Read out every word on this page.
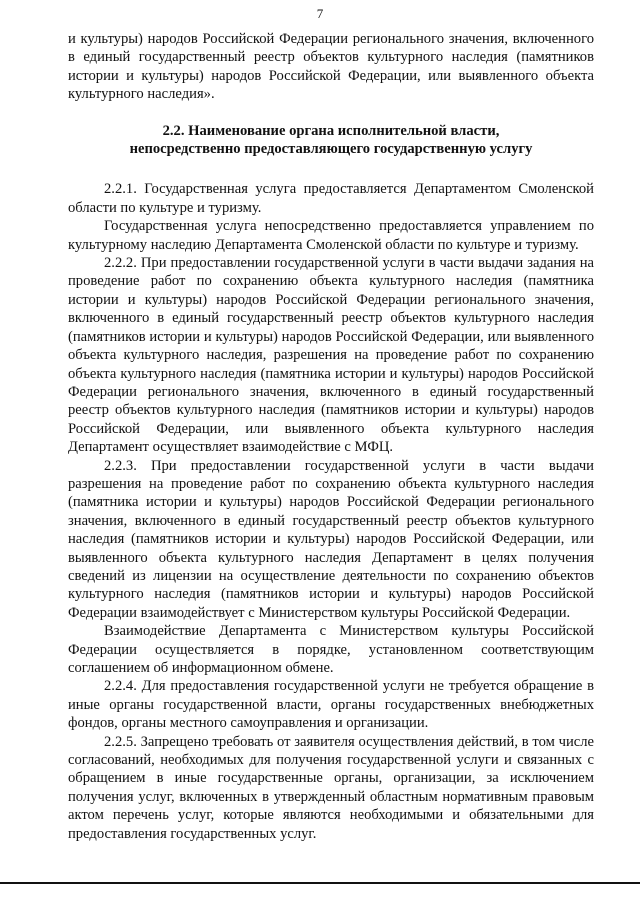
7

и культуры) народов Российской Федерации регионального значения, включенного в единый государственный реестр объектов культурного наследия (памятников истории и культуры) народов Российской Федерации, или выявленного объекта культурного наследия».

2.2. Наименование органа исполнительной власти,
непосредственно предоставляющего государственную услугу

2.2.1. Государственная услуга предоставляется Департаментом Смоленской области по культуре и туризму.

Государственная услуга непосредственно предоставляется управлением по культурному наследию Департамента Смоленской области по культуре и туризму.

2.2.2. При предоставлении государственной услуги в части выдачи задания на проведение работ по сохранению объекта культурного наследия (памятника истории и культуры) народов Российской Федерации регионального значения, включенного в единый государственный реестр объектов культурного наследия (памятников истории и культуры) народов Российской Федерации, или выявленного объекта культурного наследия, разрешения на проведение работ по сохранению объекта культурного наследия (памятника истории и культуры) народов Российской Федерации регионального значения, включенного в единый государственный реестр объектов культурного наследия (памятников истории и культуры) народов Российской Федерации, или выявленного объекта культурного наследия Департамент осуществляет взаимодействие с МФЦ.

2.2.3. При предоставлении государственной услуги в части выдачи разрешения на проведение работ по сохранению объекта культурного наследия (памятника истории и культуры) народов Российской Федерации регионального значения, включенного в единый государственный реестр объектов культурного наследия (памятников истории и культуры) народов Российской Федерации, или выявленного объекта культурного наследия Департамент в целях получения сведений из лицензии на осуществление деятельности по сохранению объектов культурного наследия (памятников истории и культуры) народов Российской Федерации взаимодействует с Министерством культуры Российской Федерации.

Взаимодействие Департамента с Министерством культуры Российской Федерации осуществляется в порядке, установленном соответствующим соглашением об информационном обмене.

2.2.4. Для предоставления государственной услуги не требуется обращение в иные органы государственной власти, органы государственных внебюджетных фондов, органы местного самоуправления и организации.

2.2.5. Запрещено требовать от заявителя осуществления действий, в том числе согласований, необходимых для получения государственной услуги и связанных с обращением в иные государственные органы, организации, за исключением получения услуг, включенных в утвержденный областным нормативным правовым актом перечень услуг, которые являются необходимыми и обязательными для предоставления государственных услуг.
